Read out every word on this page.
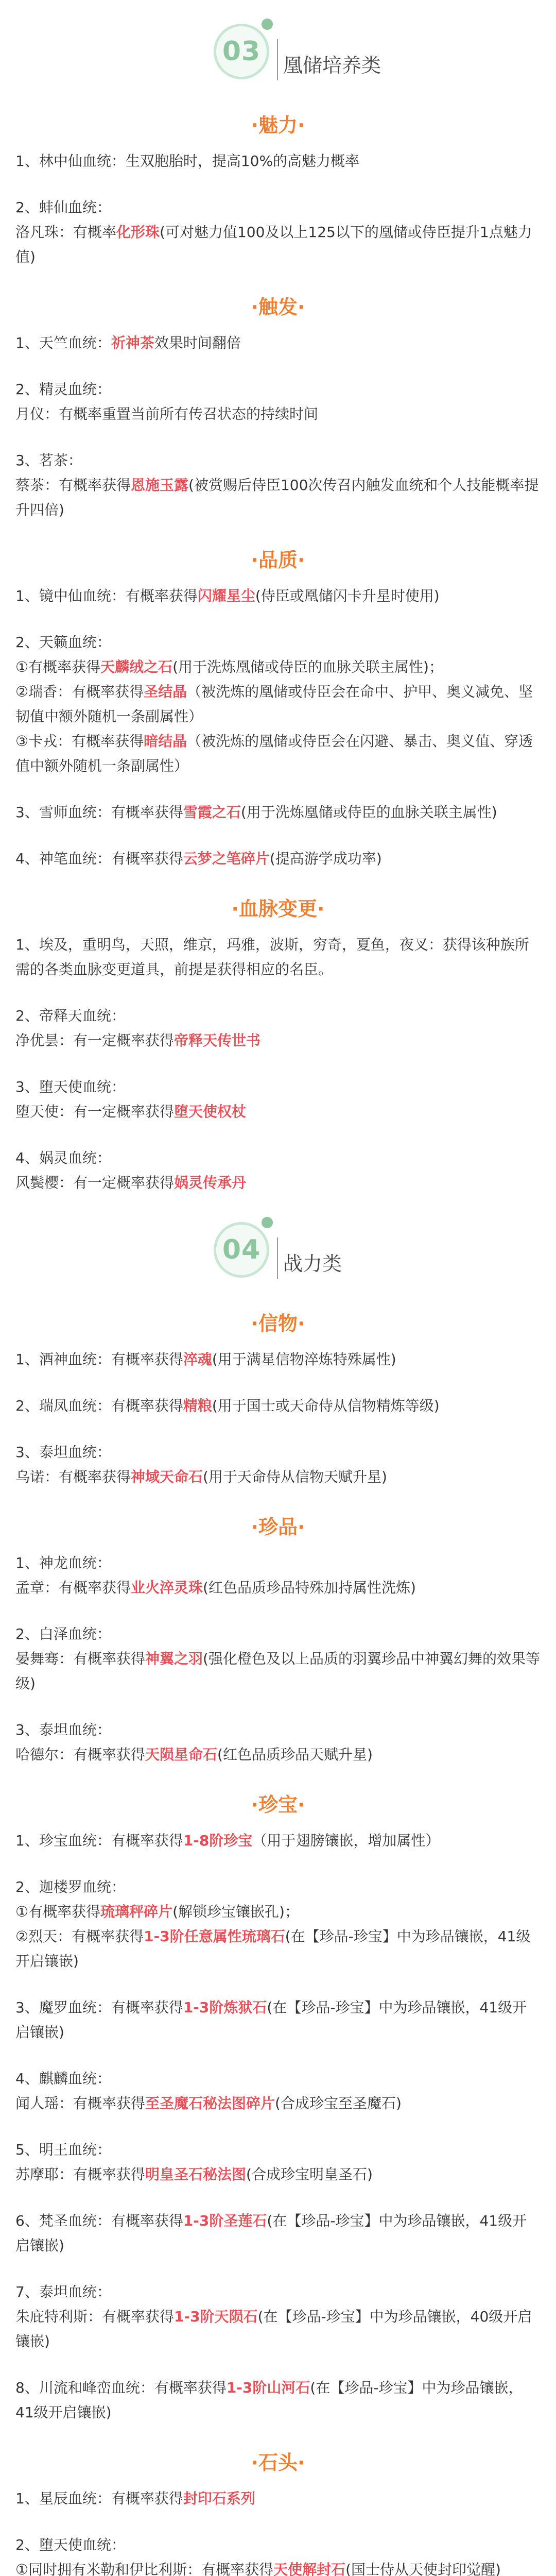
03 凰储培养类
·魅力·

1、林中仙血统：生双胞胎时，提高10%的高魅力概率

2、蚌仙血统：

洛凡珠：有概率化形珠(可对魅力值100及以上125以下的凰储或侍臣提升1点魅力值)

·触发·

1、天竺血统：祈神茶效果时间翻倍

2、精灵血统：

月仪：有概率重置当前所有传召状态的持续时间

3、茗茶：

蔡茶：有概率获得恩施玉露(被赏赐后侍臣100次传召内触发血统和个人技能概率提升四倍)

·品质·

1、镜中仙血统：有概率获得闪耀星尘(侍臣或凰储闪卡升星时使用)

2、天籁血统：

①有概率获得天麟绒之石(用于洗炼凰储或侍臣的血脉关联主属性)；

②瑞香：有概率获得圣结晶（被洗炼的凰储或侍臣会在命中、护甲、奥义减免、坚韧值中额外随机一条副属性）

③卡戎：有概率获得暗结晶（被洗炼的凰储或侍臣会在闪避、暴击、奥义值、穿透值中额外随机一条副属性）

3、雪师血统：有概率获得雪霞之石(用于洗炼凰储或侍臣的血脉关联主属性)

4、神笔血统：有概率获得云梦之笔碎片(提高游学成功率)

·血脉变更·

1、埃及，重明鸟，天照，维京，玛雅，波斯，穷奇，夏鱼，夜叉：获得该种族所需的各类血脉变更道具，前提是获得相应的名臣。

2、帝释天血统：

净优昙：有一定概率获得帝释天传世书

3、堕天使血统：

堕天使：有一定概率获得堕天使权杖

4、娲灵血统：

风鬓樱：有一定概率获得娲灵传承丹

04 战力类
·信物·

1、酒神血统：有概率获得淬魂(用于满星信物淬炼特殊属性)

2、瑞凤血统：有概率获得精粮(用于国士或天命侍从信物精炼等级)

3、泰坦血统：

乌诺：有概率获得神域天命石(用于天命侍从信物天赋升星)

·珍品·

1、神龙血统：

孟章：有概率获得业火淬灵珠(红色品质珍品特殊加持属性洗炼)

2、白泽血统：

晏舞骞：有概率获得神翼之羽(强化橙色及以上品质的羽翼珍品中神翼幻舞的效果等级)

3、泰坦血统：

哈德尔：有概率获得天陨星命石(红色品质珍品天赋升星)

·珍宝·

1、珍宝血统：有概率获得1-8阶珍宝（用于翅膀镶嵌，增加属性）

2、迦楼罗血统：

①有概率获得琉璃秤碎片(解锁珍宝镶嵌孔)；

②烈天：有概率获得1-3阶任意属性琉璃石(在【珍品-珍宝】中为珍品镶嵌，41级开启镶嵌)

3、魔罗血统：有概率获得1-3阶炼狱石(在【珍品-珍宝】中为珍品镶嵌，41级开启镶嵌)

4、麒麟血统：

闻人瑶：有概率获得至圣魔石秘法图碎片(合成珍宝至圣魔石)

5、明王血统：

苏摩耶：有概率获得明皇圣石秘法图(合成珍宝明皇圣石)

6、梵圣血统：有概率获得1-3阶圣莲石(在【珍品-珍宝】中为珍品镶嵌，41级开启镶嵌)

7、泰坦血统：

朱庇特利斯：有概率获得1-3阶天陨石(在【珍品-珍宝】中为珍品镶嵌，40级开启镶嵌)

8、川流和峰峦血统：有概率获得1-3阶山河石(在【珍品-珍宝】中为珍品镶嵌，41级开启镶嵌)

·石头·

1、星辰血统：有概率获得封印石系列

2、堕天使血统：

①同时拥有米勒和伊比利斯：有概率获得天使解封石(国士侍从天使封印觉醒)
